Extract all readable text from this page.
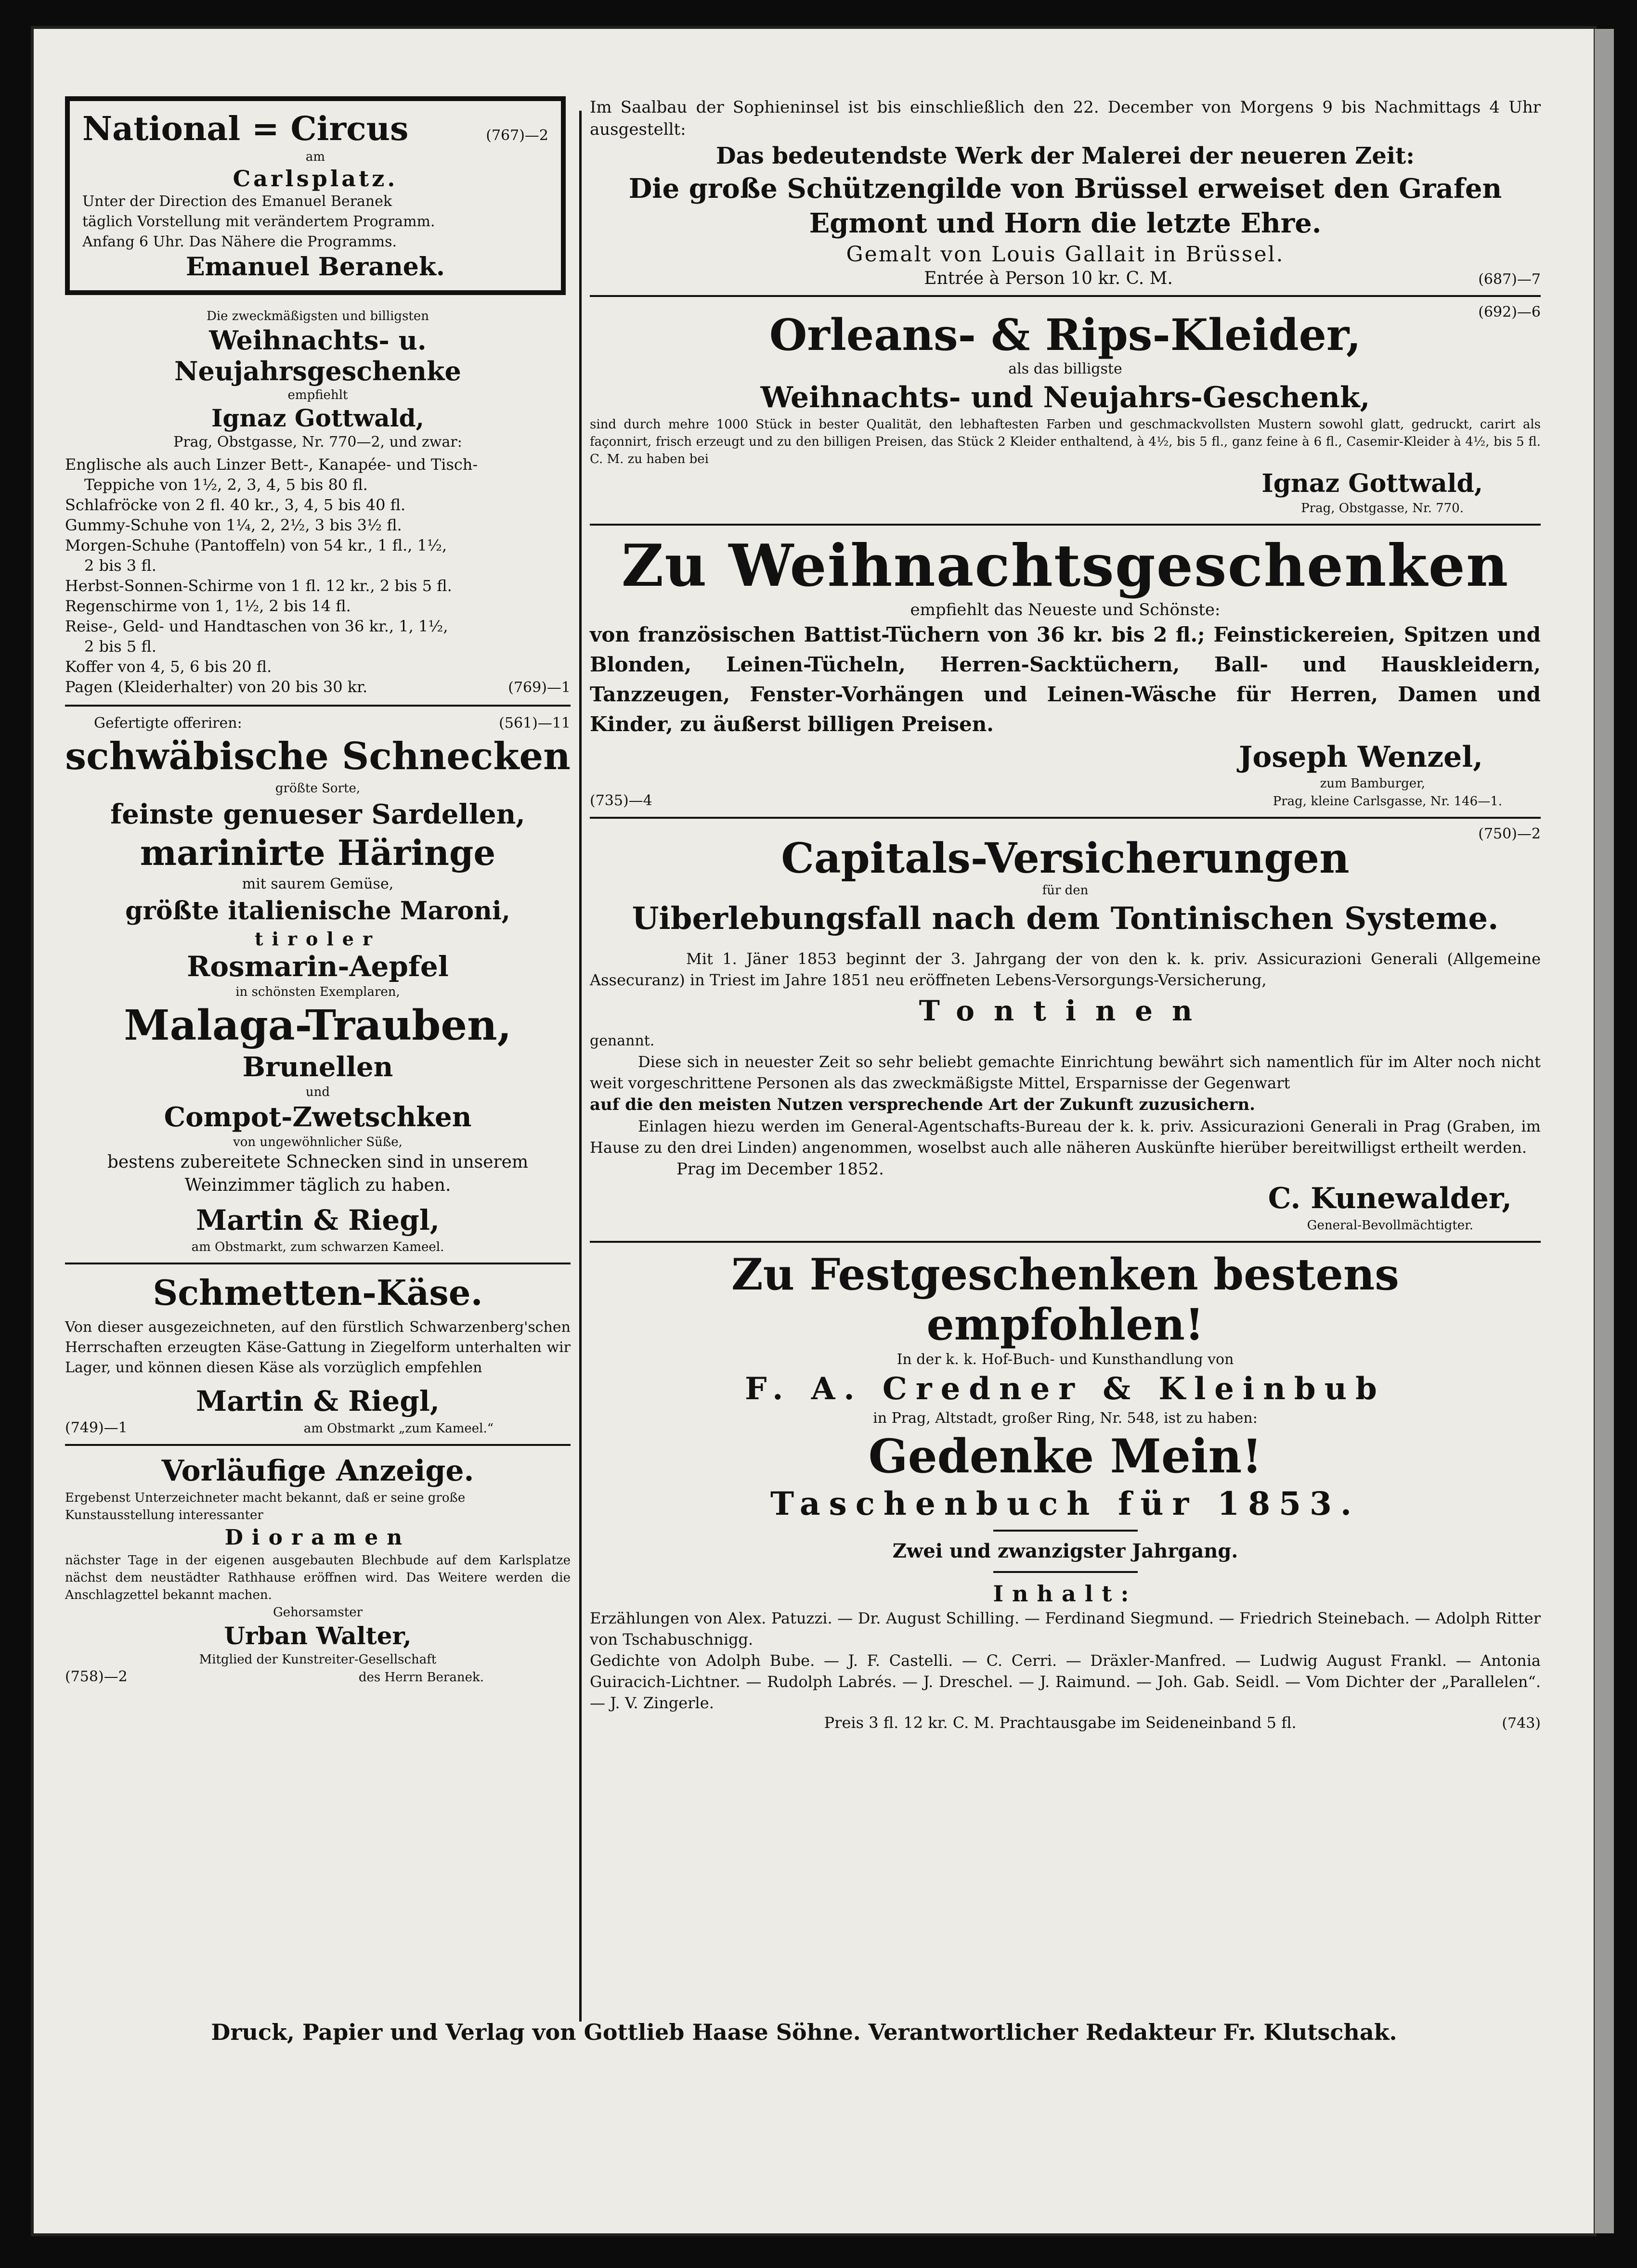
National = Circus	(767)—2

am

Carlsplatz.

Unter der Direction des Emanuel Beranek

täglich Vorstellung mit verändertem Programm.

Anfang 6 Uhr. Das Nähere die Programms.

Emanuel Beranek.

Die zweckmäßigsten und billigsten

Weihnachts- u. Neujahrsgeschenke

empfiehlt

Ignaz Gottwald,

Prag, Obstgasse, Nr. 770—2, und zwar:

Englische als auch Linzer Bett-, Kanapée- und Tisch-
Teppiche von 1½, 2, 3, 4, 5 bis 80 fl.
Schlafröcke von 2 fl. 40 kr., 3, 4, 5 bis 40 fl.
Gummy-Schuhe von 1¼, 2, 2½, 3 bis 3½ fl.
Morgen-Schuhe (Pantoffeln) von 54 kr., 1 fl., 1½,
2 bis 3 fl.
Herbst-Sonnen-Schirme von 1 fl. 12 kr., 2 bis 5 fl.
Regenschirme von 1, 1½, 2 bis 14 fl.
Reise-, Geld- und Handtaschen von 36 kr., 1, 1½,
2 bis 5 fl.
Koffer von 4, 5, 6 bis 20 fl.
Pagen (Kleiderhalter) von 20 bis 30 kr.	(769)—1
Gefertigte offeriren:	(561)—11

schwäbische Schnecken

größte Sorte,

feinste genueser Sardellen,

marinirte Häringe

mit saurem Gemüse,

größte italienische Maroni,

tiroler

Rosmarin-Aepfel

in schönsten Exemplaren,

Malaga-Trauben,

Brunellen

und

Compot-Zwetschken

von ungewöhnlicher Süße,

bestens zubereitete Schnecken sind in unserem Weinzimmer täglich zu haben.

Martin & Riegl,

am Obstmarkt, zum schwarzen Kameel.

Schmetten-Käse.

Von dieser ausgezeichneten, auf den fürstlich Schwarzenberg'schen Herrschaften erzeugten Käse-Gattung in Ziegelform unterhalten wir Lager, und können diesen Käse als vorzüglich empfehlen

Martin & Riegl,

(749)—1	am Obstmarkt „zum Kameel.“

Vorläufige Anzeige.

Ergebenst Unterzeichneter macht bekannt, daß er seine große Kunstausstellung interessanter

Dioramen

nächster Tage in der eigenen ausgebauten Blechbude auf dem Karlsplatze nächst dem neustädter Rathhause eröffnen wird. Das Weitere werden die Anschlagzettel bekannt machen.

Gehorsamster

Urban Walter,

Mitglied der Kunstreiter-Gesellschaft

(758)—2	des Herrn Beranek.

Im Saalbau der Sophieninsel ist bis einschließlich den 22. December von Morgens 9 bis Nachmittags 4 Uhr ausgestellt:

Das bedeutendste Werk der Malerei der neueren Zeit:

Die große Schützengilde von Brüssel erweiset den Grafen

Egmont und Horn die letzte Ehre.

Gemalt von Louis Gallait in Brüssel.

Entrée à Person 10 kr. C. M.	(687)—7
(692)—6

Orleans- & Rips-Kleider,

als das billigste

Weihnachts- und Neujahrs-Geschenk,

sind durch mehre 1000 Stück in bester Qualität, den lebhaftesten Farben und geschmackvollsten Mustern sowohl glatt, gedruckt, carirt als façonnirt, frisch erzeugt und zu den billigen Preisen, das Stück 2 Kleider enthaltend, à 4½, bis 5 fl., ganz feine à 6 fl., Casemir-Kleider à 4½, bis 5 fl. C. M. zu haben bei

Ignaz Gottwald,

Prag, Obstgasse, Nr. 770.

Zu Weihnachtsgeschenken

empfiehlt das Neueste und Schönste:

von französischen Battist-Tüchern von 36 kr. bis 2 fl.; Feinstickereien, Spitzen und Blonden, Leinen-Tücheln, Herren-Sacktüchern, Ball- und Hauskleidern, Tanzzeugen, Fenster-Vorhängen und Leinen-Wäsche für Herren, Damen und Kinder, zu äußerst billigen Preisen.

Joseph Wenzel,

zum Bamburger,

(735)—4	Prag, kleine Carlsgasse, Nr. 146—1.
(750)—2

Capitals-Versicherungen

für den

Uiberlebungsfall nach dem Tontinischen Systeme.

Mit 1. Jäner 1853 beginnt der 3. Jahrgang der von den k. k. priv. Assicurazioni Generali (Allgemeine Assecuranz) in Triest im Jahre 1851 neu eröffneten Lebens-Versorgungs-Versicherung,

Tontinen

genannt.

Diese sich in neuester Zeit so sehr beliebt gemachte Einrichtung bewährt sich namentlich für im Alter noch nicht weit vorgeschrittene Personen als das zweckmäßigste Mittel, Ersparnisse der Gegenwart

auf die den meisten Nutzen versprechende Art der Zukunft zuzusichern.

Einlagen hiezu werden im General-Agentschafts-Bureau der k. k. priv. Assicurazioni Generali in Prag (Graben, im Hause zu den drei Linden) angenommen, woselbst auch alle näheren Auskünfte hierüber bereitwilligst ertheilt werden.

Prag im December 1852.

C. Kunewalder,

General-Bevollmächtigter.

Zu Festgeschenken bestens empfohlen!

In der k. k. Hof-Buch- und Kunsthandlung von

F. A. Credner & Kleinbub

in Prag, Altstadt, großer Ring, Nr. 548, ist zu haben:

Gedenke Mein!

Taschenbuch für 1853.

Zwei und zwanzigster Jahrgang.

Inhalt:

Erzählungen von Alex. Patuzzi. — Dr. August Schilling. — Ferdinand Siegmund. — Friedrich Steinebach. — Adolph Ritter von Tschabuschnigg.

Gedichte von Adolph Bube. — J. F. Castelli. — C. Cerri. — Dräxler-Manfred. — Ludwig August Frankl. — Antonia Guiracich-Lichtner. — Rudolph Labrés. — J. Dreschel. — J. Raimund. — Joh. Gab. Seidl. — Vom Dichter der „Parallelen“. — J. V. Zingerle.

Preis 3 fl. 12 kr. C. M. Prachtausgabe im Seideneinband 5 fl.	(743)
Druck, Papier und Verlag von Gottlieb Haase Söhne. Verantwortlicher Redakteur Fr. Klutschak.
